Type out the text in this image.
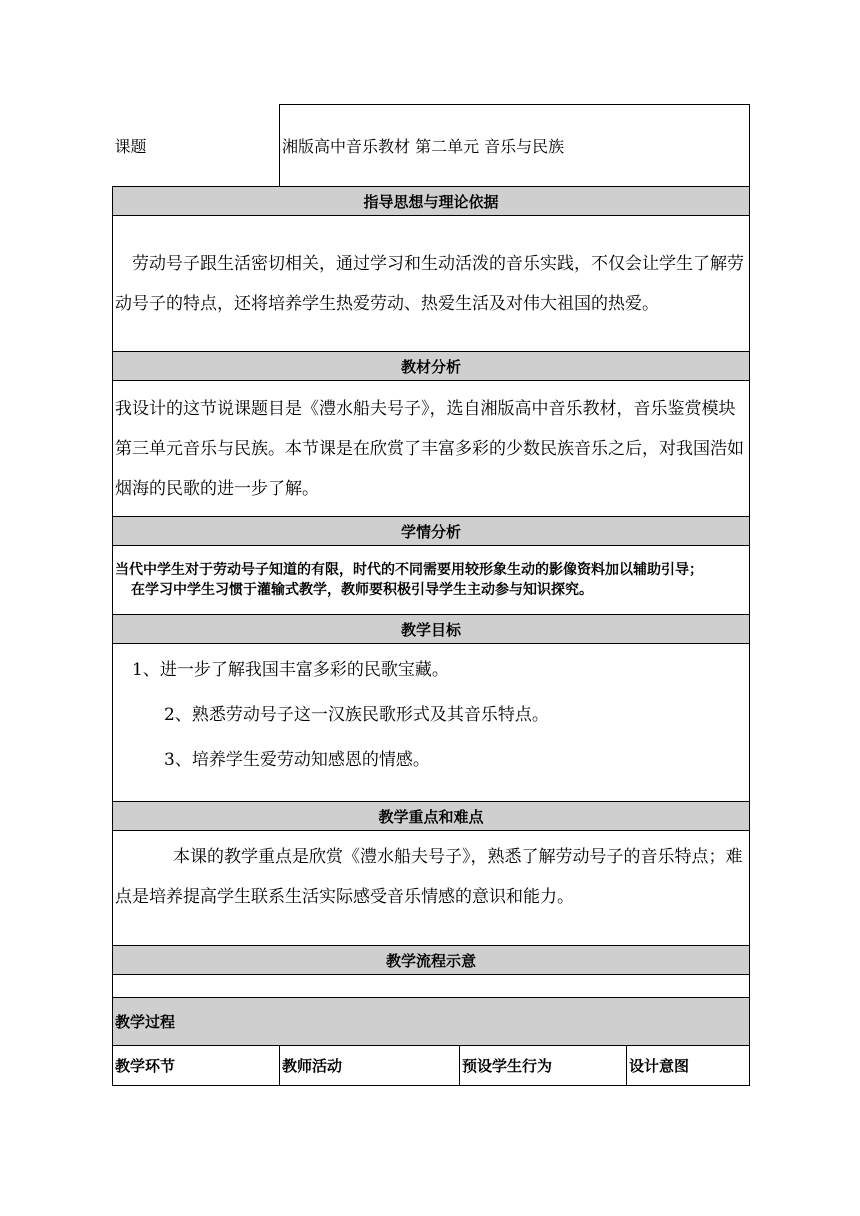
课题	湘版高中音乐教材 第二单元 音乐与民族		
指导思想与理论依据			

劳动号子跟生活密切相关，通过学习和生动活泼的音乐实践，不仅会让学生了解劳动号子的特点，还将培养学生热爱劳动、热爱生活及对伟大祖国的热爱。			

教材分析			

我设计的这节说课题目是《澧水船夫号子》，选自湘版高中音乐教材，音乐鉴赏模块第三单元音乐与民族。本节课是在欣赏了丰富多彩的少数民族音乐之后，对我国浩如烟海的民歌的进一步了解。			

学情分析			

当代中学生对于劳动号子知道的有限，时代的不同需要用较形象生动的影像资料加以辅助引导；
在学习中学生习惯于灌输式教学，教师要积极引导学生主动参与知识探究。			

教学目标			

1、进一步了解我国丰富多彩的民歌宝藏。
2、熟悉劳动号子这一汉族民歌形式及其音乐特点。
3、培养学生爱劳动知感恩的情感。			

教学重点和难点			

本课的教学重点是欣赏《澧水船夫号子》，熟悉了解劳动号子的音乐特点；难点是培养提高学生联系生活实际感受音乐情感的意识和能力。			

教学流程示意			

教学过程			
教学环节	教师活动	预设学生行为	设计意图
